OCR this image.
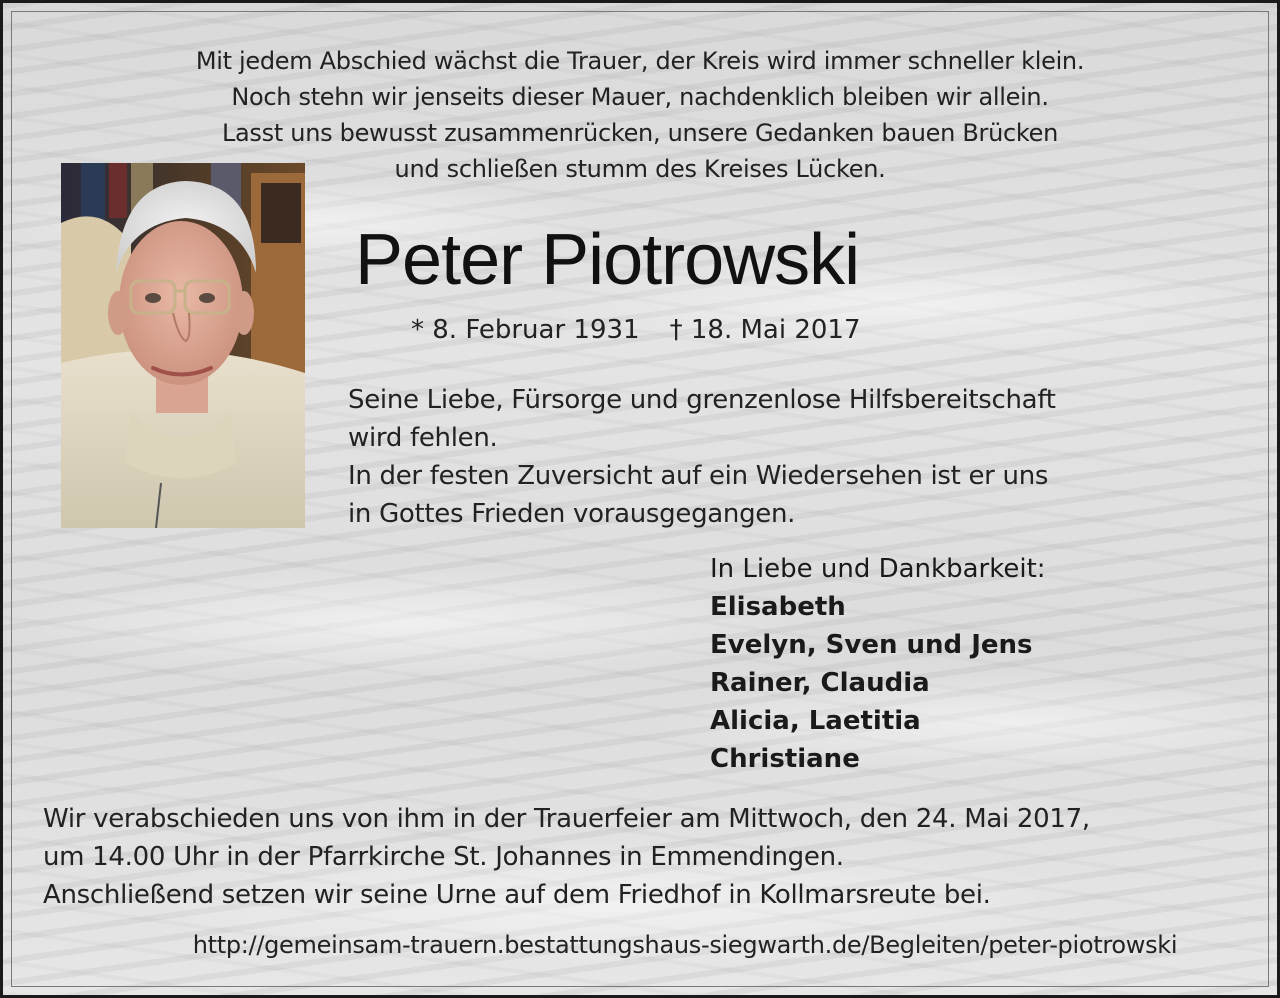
Mit jedem Abschied wächst die Trauer, der Kreis wird immer schneller klein.
Noch stehn wir jenseits dieser Mauer, nachdenklich bleiben wir allein.
Lasst uns bewusst zusammenrücken, unsere Gedanken bauen Brücken
und schließen stumm des Kreises Lücken.
Peter Piotrowski
* 8. Februar 1931 † 18. Mai 2017
Seine Liebe, Fürsorge und grenzenlose Hilfsbereitschaft
wird fehlen.
In der festen Zuversicht auf ein Wiedersehen ist er uns
in Gottes Frieden vorausgegangen.
In Liebe und Dankbarkeit:
Elisabeth
Evelyn, Sven und Jens
Rainer, Claudia
Alicia, Laetitia
Christiane
Wir verabschieden uns von ihm in der Trauerfeier am Mittwoch, den 24. Mai 2017,
um 14.00 Uhr in der Pfarrkirche St. Johannes in Emmendingen.
Anschließend setzen wir seine Urne auf dem Friedhof in Kollmarsreute bei.
http://gemeinsam-trauern.bestattungshaus-siegwarth.de/Begleiten/peter-piotrowski
